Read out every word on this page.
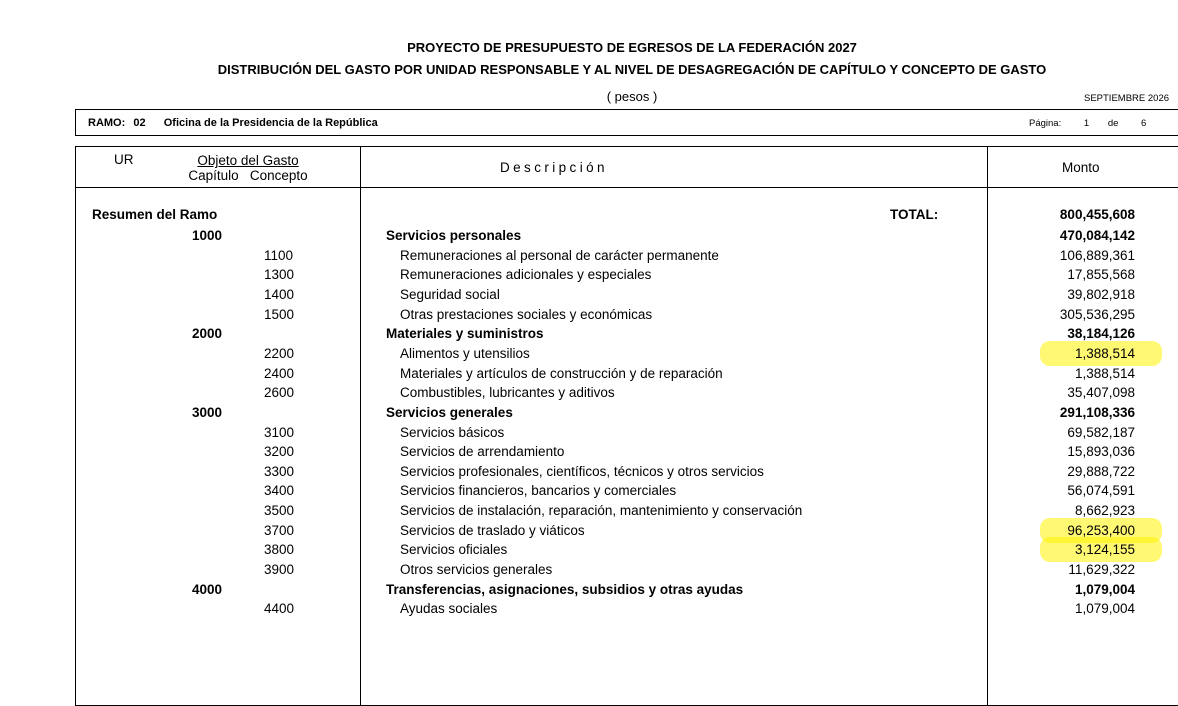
PROYECTO DE PRESUPUESTO DE EGRESOS DE LA FEDERACIÓN 2027
DISTRIBUCIÓN DEL GASTO POR UNIDAD RESPONSABLE Y AL NIVEL DE DESAGREGACIÓN DE CAPÍTULO Y CONCEPTO DE GASTO
( pesos )	SEPTIEMBRE 2026
RAMO: 02 Oficina de la Presidencia de la República	Página: 1 de 6
UR	Objeto del Gasto
Capítulo   Concepto
Descripción	Monto
Resumen del Ramo	TOTAL:	800,455,608
1000	Servicios personales	470,084,142
1100	Remuneraciones al personal de carácter permanente	106,889,361
1300	Remuneraciones adicionales y especiales	17,855,568
1400	Seguridad social	39,802,918
1500	Otras prestaciones sociales y económicas	305,536,295
2000	Materiales y suministros	38,184,126
2200	Alimentos y utensilios	1,388,514
2400	Materiales y artículos de construcción y de reparación	1,388,514
2600	Combustibles, lubricantes y aditivos	35,407,098
3000	Servicios generales	291,108,336
3100	Servicios básicos	69,582,187
3200	Servicios de arrendamiento	15,893,036
3300	Servicios profesionales, científicos, técnicos y otros servicios	29,888,722
3400	Servicios financieros, bancarios y comerciales	56,074,591
3500	Servicios de instalación, reparación, mantenimiento y conservación	8,662,923
3700	Servicios de traslado y viáticos	96,253,400
3800	Servicios oficiales	3,124,155
3900	Otros servicios generales	11,629,322
4000	Transferencias, asignaciones, subsidios y otras ayudas	1,079,004
4400	Ayudas sociales	1,079,004
